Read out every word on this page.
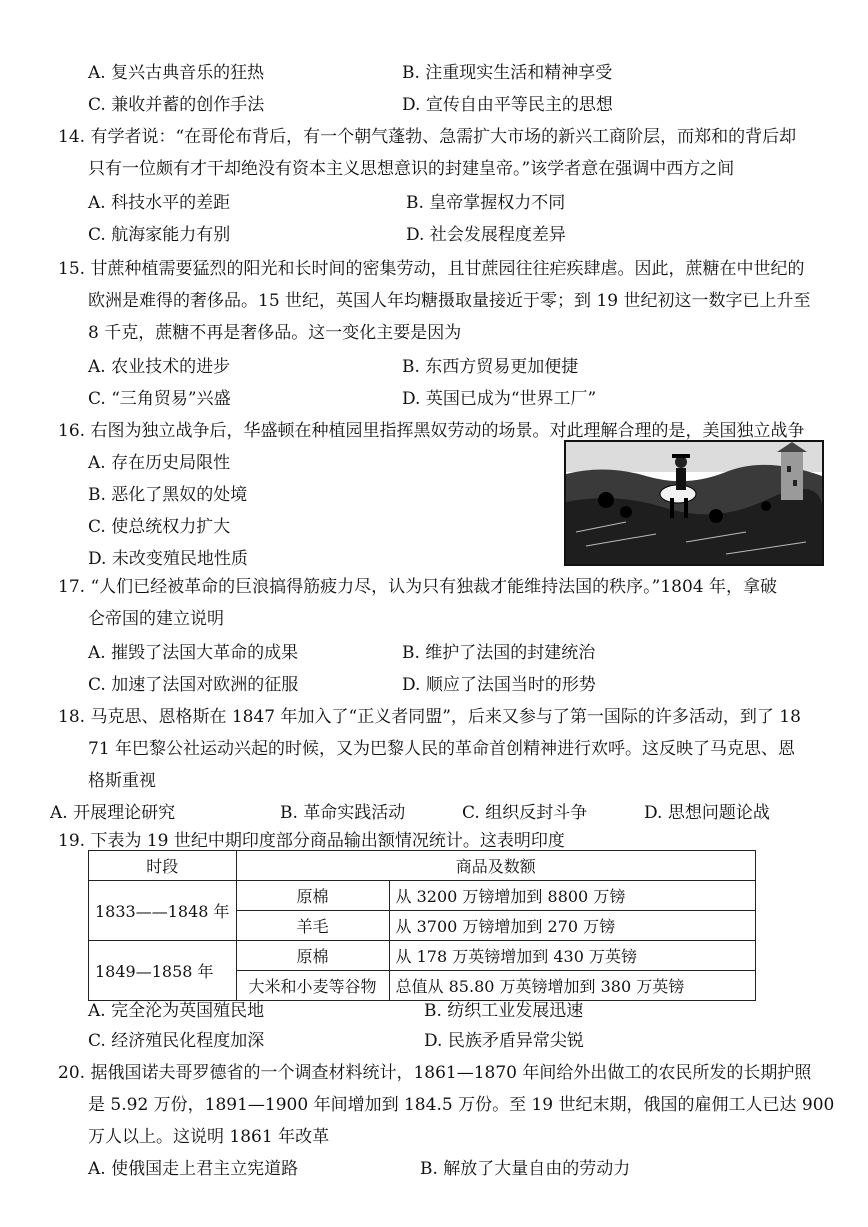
A. 复兴古典音乐的狂热	B. 注重现实生活和精神享受
C. 兼收并蓄的创作手法	D. 宣传自由平等民主的思想
14. 有学者说：“在哥伦布背后，有一个朝气蓬勃、急需扩大市场的新兴工商阶层，而郑和的背后却
只有一位颇有才干却绝没有资本主义思想意识的封建皇帝。”该学者意在强调中西方之间
A. 科技水平的差距	B. 皇帝掌握权力不同
C. 航海家能力有别	D. 社会发展程度差异
15. 甘蔗种植需要猛烈的阳光和长时间的密集劳动，且甘蔗园往往疟疾肆虐。因此，蔗糖在中世纪的
欧洲是难得的奢侈品。15 世纪，英国人年均糖摄取量接近于零；到 19 世纪初这一数字已上升至
8 千克，蔗糖不再是奢侈品。这一变化主要是因为
A. 农业技术的进步	B. 东西方贸易更加便捷
C. “三角贸易”兴盛	D. 英国已成为“世界工厂”
16. 右图为独立战争后，华盛顿在种植园里指挥黑奴劳动的场景。对此理解合理的是，美国独立战争
A. 存在历史局限性
B. 恶化了黑奴的处境
C. 使总统权力扩大
D. 未改变殖民地性质
17. “人们已经被革命的巨浪搞得筋疲力尽，认为只有独裁才能维持法国的秩序。”1804 年，拿破
仑帝国的建立说明
A. 摧毁了法国大革命的成果	B. 维护了法国的封建统治
C. 加速了法国对欧洲的征服	D. 顺应了法国当时的形势
18. 马克思、恩格斯在 1847 年加入了“正义者同盟”，后来又参与了第一国际的许多活动，到了 18
71 年巴黎公社运动兴起的时候，又为巴黎人民的革命首创精神进行欢呼。这反映了马克思、恩
格斯重视
A. 开展理论研究	B. 革命实践活动	C. 组织反封斗争	D. 思想问题论战
19. 下表为 19 世纪中期印度部分商品输出额情况统计。这表明印度
时段	商品及数额	
1833——1848 年	原棉	从 3200 万镑增加到 8800 万镑
	羊毛	从 3700 万镑增加到 270 万镑
1849—1858 年	原棉	从 178 万英镑增加到 430 万英镑
	大米和小麦等谷物	总值从 85.80 万英镑增加到 380 万英镑
A. 完全沦为英国殖民地	B. 纺织工业发展迅速
C. 经济殖民化程度加深	D. 民族矛盾异常尖锐
20. 据俄国诺夫哥罗德省的一个调查材料统计，1861—1870 年间给外出做工的农民所发的长期护照
是 5.92 万份，1891—1900 年间增加到 184.5 万份。至 19 世纪末期，俄国的雇佣工人已达 900
万人以上。这说明 1861 年改革
A. 使俄国走上君主立宪道路	B. 解放了大量自由的劳动力
